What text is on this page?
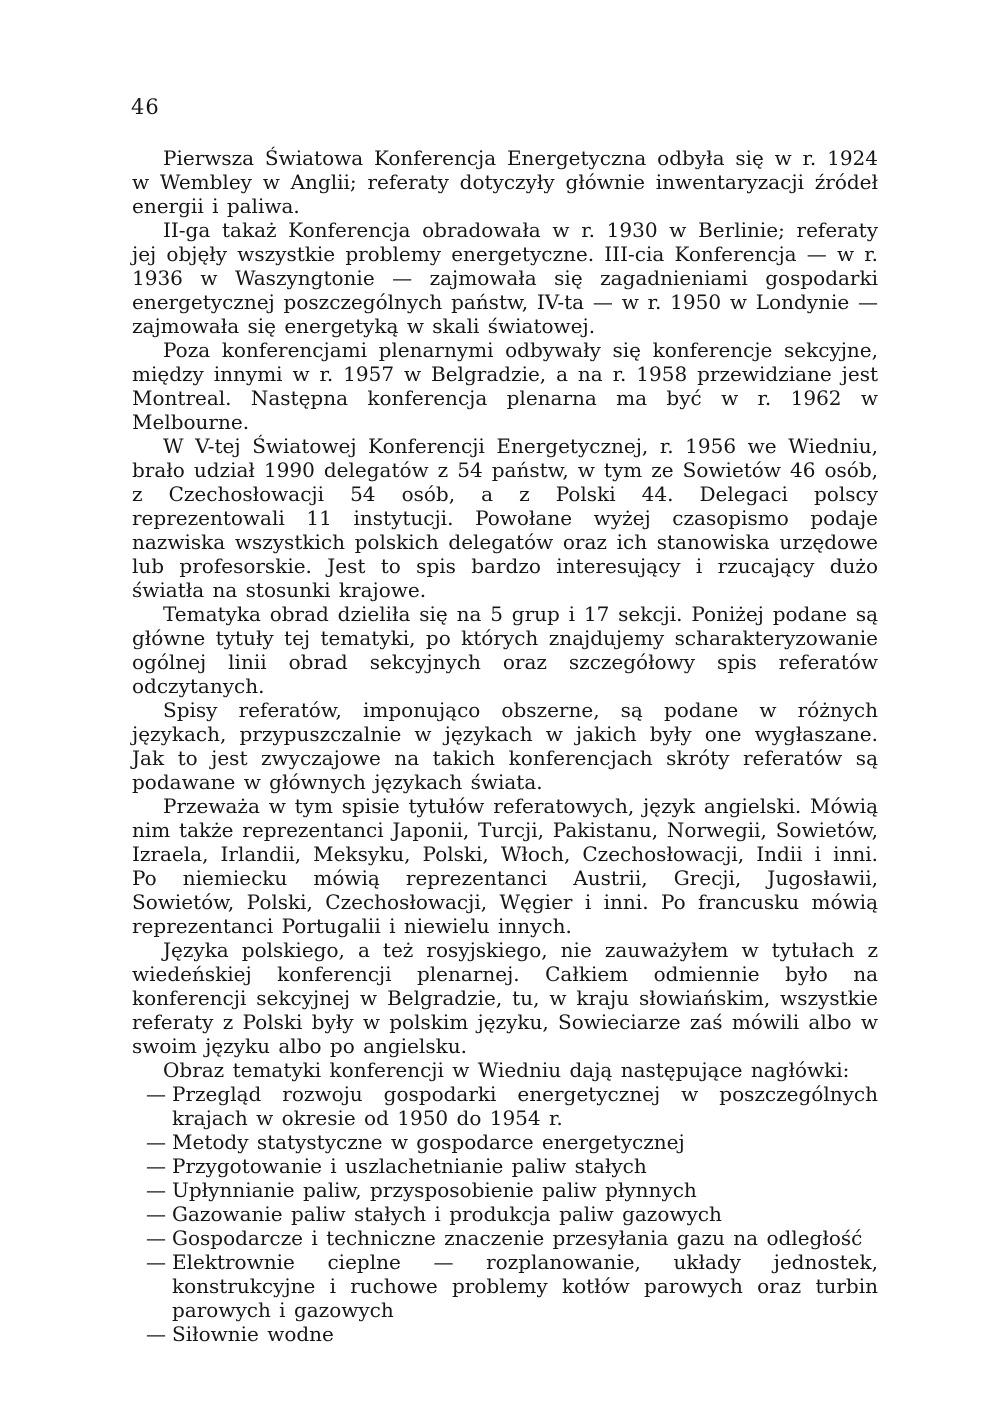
46

Pierwsza Światowa Konferencja Energetyczna odbyła się w r. 1924 w Wembley w Anglii; referaty dotyczyły głównie inwentaryzacji źródeł energii i paliwa.

II-ga takaż Konferencja obradowała w r. 1930 w Berlinie; referaty jej objęły wszystkie problemy energetyczne. III-cia Konferencja — w r. 1936 w Waszyngtonie — zajmowała się zagadnieniami gospodarki energetycznej poszczególnych państw, IV-ta — w r. 1950 w Londynie — zajmowała się energetyką w skali światowej.

Poza konferencjami plenarnymi odbywały się konferencje sekcyjne, między innymi w r. 1957 w Belgradzie, a na r. 1958 przewidziane jest Montreal. Następna konferencja plenarna ma być w r. 1962 w Melbourne.

W V-tej Światowej Konferencji Energetycznej, r. 1956 we Wiedniu, brało udział 1990 delegatów z 54 państw, w tym ze Sowietów 46 osób, z Czechosłowacji 54 osób, a z Polski 44. Delegaci polscy reprezentowali 11 instytucji. Powołane wyżej czasopismo podaje nazwiska wszystkich polskich delegatów oraz ich stanowiska urzędowe lub profesorskie. Jest to spis bardzo interesujący i rzucający dużo światła na stosunki krajowe.

Tematyka obrad dzieliła się na 5 grup i 17 sekcji. Poniżej podane są główne tytuły tej tematyki, po których znajdujemy scharakteryzowanie ogólnej linii obrad sekcyjnych oraz szczegółowy spis referatów odczytanych.

Spisy referatów, imponująco obszerne, są podane w różnych językach, przypuszczalnie w językach w jakich były one wygłaszane. Jak to jest zwyczajowe na takich konferencjach skróty referatów są podawane w głównych językach świata.

Przeważa w tym spisie tytułów referatowych, język angielski. Mówią nim także reprezentanci Japonii, Turcji, Pakistanu, Norwegii, Sowietów, Izraela, Irlandii, Meksyku, Polski, Włoch, Czechosłowacji, Indii i inni. Po niemiecku mówią reprezentanci Austrii, Grecji, Jugosławii, Sowietów, Polski, Czechosłowacji, Węgier i inni. Po francusku mówią reprezentanci Portugalii i niewielu innych.

Języka polskiego, a też rosyjskiego, nie zauważyłem w tytułach z wiedeńskiej konferencji plenarnej. Całkiem odmiennie było na konferencji sekcyjnej w Belgradzie, tu, w kraju słowiańskim, wszystkie referaty z Polski były w polskim języku, Sowieciarze zaś mówili albo w swoim języku albo po angielsku.

Obraz tematyki konferencji w Wiedniu dają następujące nagłówki:

— Przegląd rozwoju gospodarki energetycznej w poszczególnych krajach w okresie od 1950 do 1954 r.
— Metody statystyczne w gospodarce energetycznej
— Przygotowanie i uszlachetnianie paliw stałych
— Upłynnianie paliw, przysposobienie paliw płynnych
— Gazowanie paliw stałych i produkcja paliw gazowych
— Gospodarcze i techniczne znaczenie przesyłania gazu na odległość
— Elektrownie cieplne — rozplanowanie, układy jednostek, konstrukcyjne i ruchowe problemy kotłów parowych oraz turbin parowych i gazowych
— Siłownie wodne
